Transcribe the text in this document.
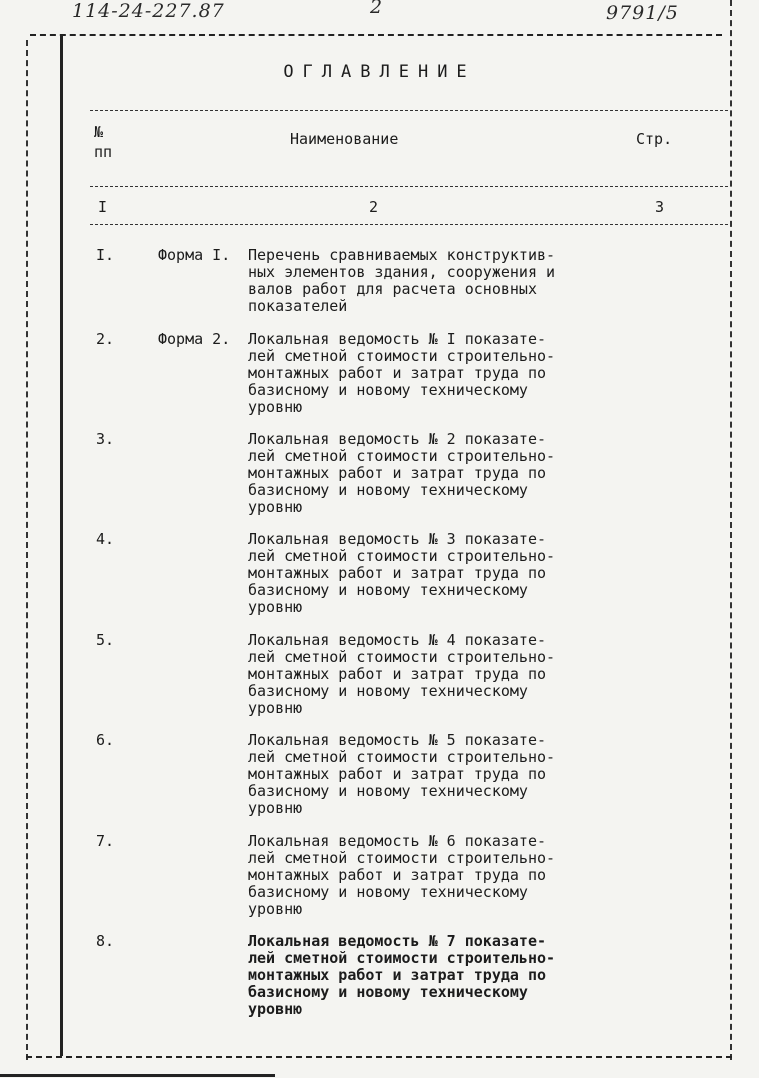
114-24-227.87	2	9791/5
ОГЛАВЛЕНИЕ
№
пп
Наименование	Стр.
I	2	3
I.	Форма I. Перечень сравниваемых конструктив-
ных элементов здания, сооружения и
валов работ для расчета основных
показателей
2.	Форма 2. Локальная ведомость № I показате-
лей сметной стоимости строительно-
монтажных работ и затрат труда по
базисному и новому техническому
уровню
3.	Локальная ведомость № 2 показате-
лей сметной стоимости строительно-
монтажных работ и затрат труда по
базисному и новому техническому
уровню
4.	Локальная ведомость № 3 показате-
лей сметной стоимости строительно-
монтажных работ и затрат труда по
базисному и новому техническому
уровню
5.	Локальная ведомость № 4 показате-
лей сметной стоимости строительно-
монтажных работ и затрат труда по
базисному и новому техническому
уровню
6.	Локальная ведомость № 5 показате-
лей сметной стоимости строительно-
монтажных работ и затрат труда по
базисному и новому техническому
уровню
7.	Локальная ведомость № 6 показате-
лей сметной стоимости строительно-
монтажных работ и затрат труда по
базисному и новому техническому
уровню
8.	Локальная ведомость № 7 показате-
лей сметной стоимости строительно-
монтажных работ и затрат труда по
базисному и новому техническому
уровню
